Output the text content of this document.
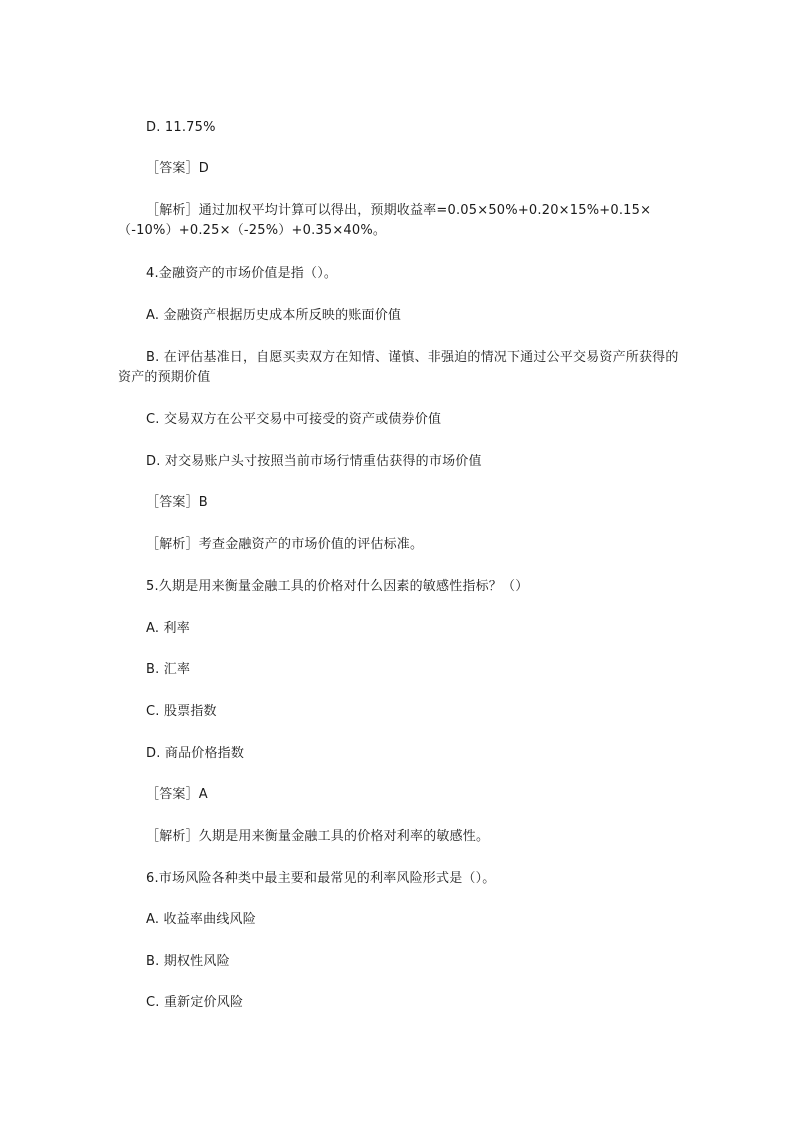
D. 11.75%

［答案］D

［解析］通过加权平均计算可以得出，预期收益率=0.05×50%+0.20×15%+0.15×（-10%）+0.25×（-25%）+0.35×40%。

4.金融资产的市场价值是指（）。

A. 金融资产根据历史成本所反映的账面价值

B. 在评估基准日，自愿买卖双方在知情、谨慎、非强迫的情况下通过公平交易资产所获得的资产的预期价值

C. 交易双方在公平交易中可接受的资产或债券价值

D. 对交易账户头寸按照当前市场行情重估获得的市场价值

［答案］B

［解析］考查金融资产的市场价值的评估标准。

5.久期是用来衡量金融工具的价格对什么因素的敏感性指标？（）

A. 利率

B. 汇率

C. 股票指数

D. 商品价格指数

［答案］A

［解析］久期是用来衡量金融工具的价格对利率的敏感性。

6.市场风险各种类中最主要和最常见的利率风险形式是（）。

A. 收益率曲线风险

B. 期权性风险

C. 重新定价风险
